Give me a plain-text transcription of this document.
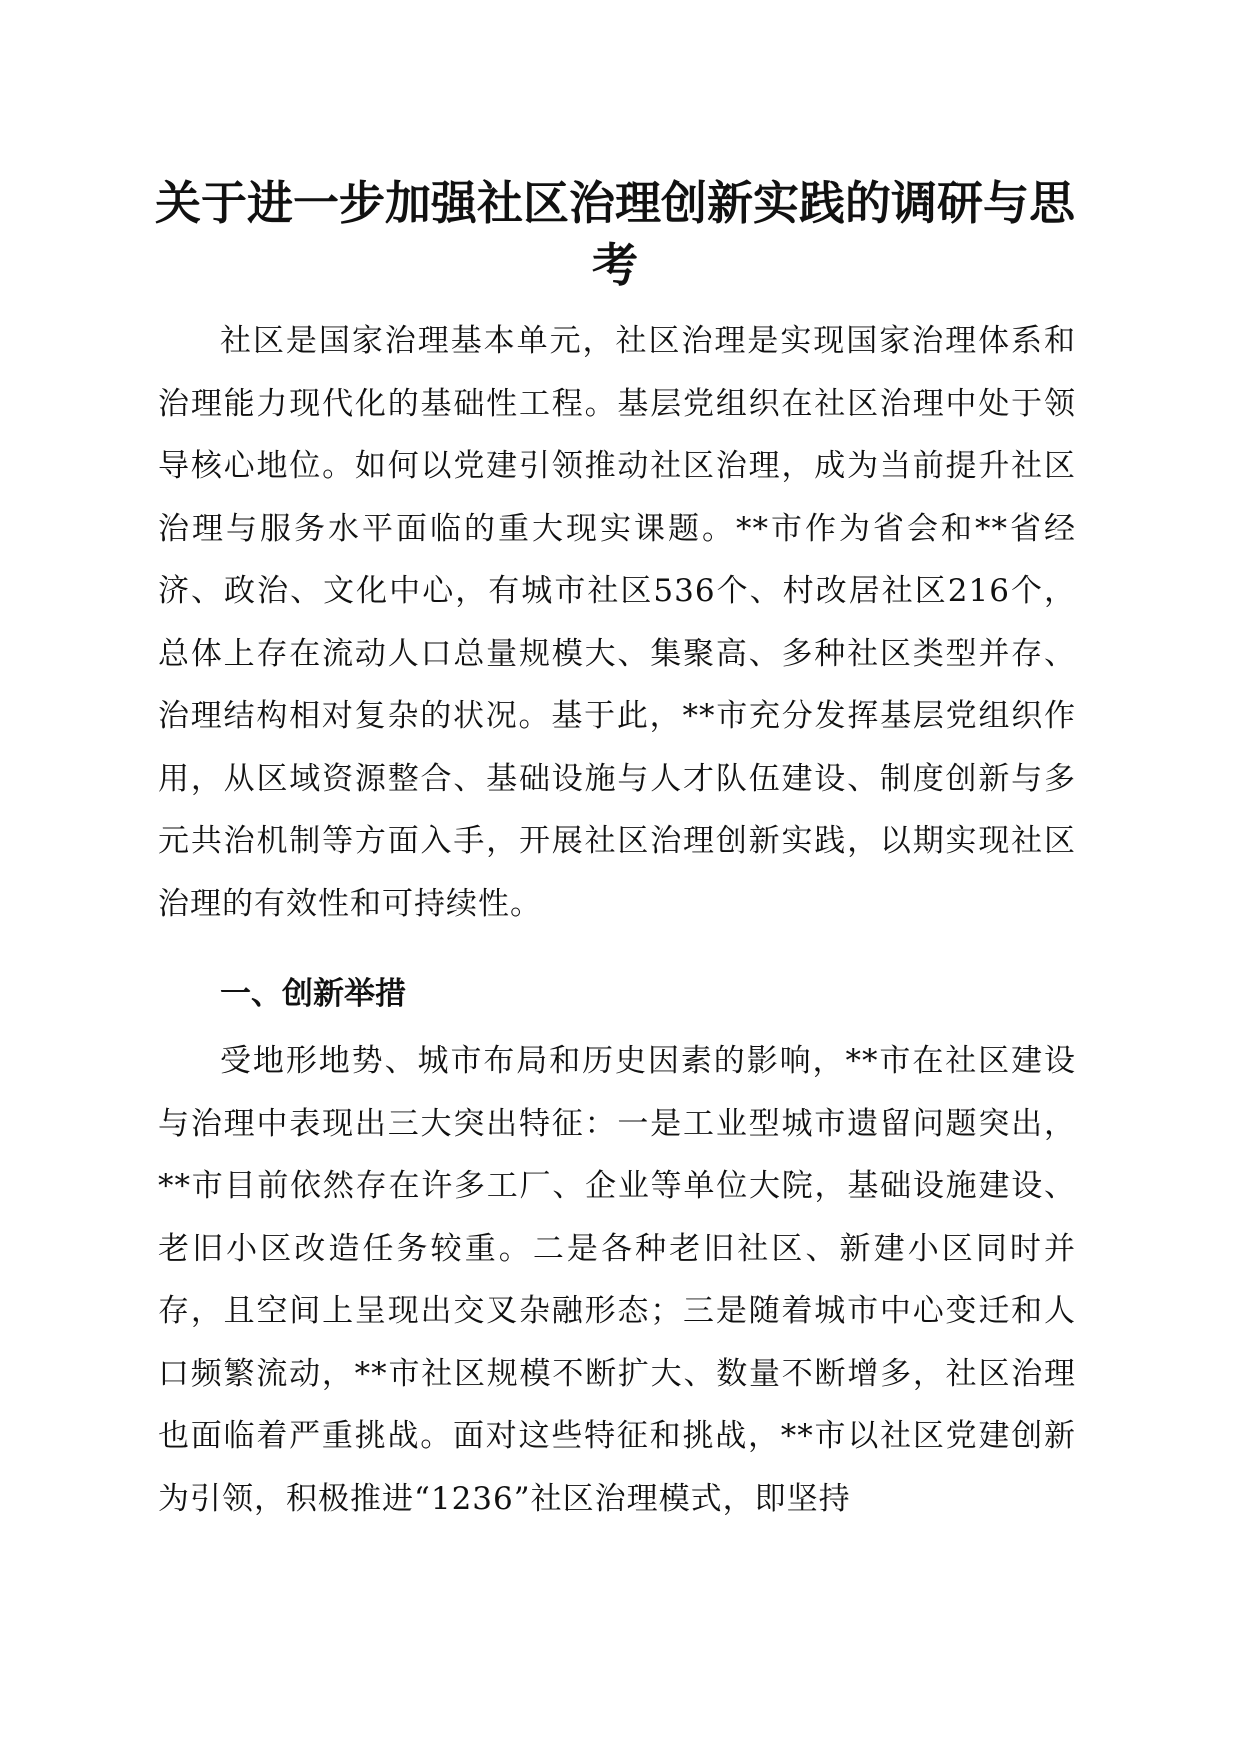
关于进一步加强社区治理创新实践的调研与思考

社区是国家治理基本单元，社区治理是实现国家治理体系和治理能力现代化的基础性工程。基层党组织在社区治理中处于领导核心地位。如何以党建引领推动社区治理，成为当前提升社区治理与服务水平面临的重大现实课题。**市作为省会和**省经济、政治、文化中心，有城市社区536个、村改居社区216个，总体上存在流动人口总量规模大、集聚高、多种社区类型并存、治理结构相对复杂的状况。基于此，**市充分发挥基层党组织作用，从区域资源整合、基础设施与人才队伍建设、制度创新与多元共治机制等方面入手，开展社区治理创新实践，以期实现社区治理的有效性和可持续性。

一、创新举措

受地形地势、城市布局和历史因素的影响，**市在社区建设与治理中表现出三大突出特征：一是工业型城市遗留问题突出，**市目前依然存在许多工厂、企业等单位大院，基础设施建设、老旧小区改造任务较重。二是各种老旧社区、新建小区同时并存，且空间上呈现出交叉杂融形态；三是随着城市中心变迁和人口频繁流动，**市社区规模不断扩大、数量不断增多，社区治理也面临着严重挑战。面对这些特征和挑战，**市以社区党建创新为引领，积极推进“1236”社区治理模式，即坚持
